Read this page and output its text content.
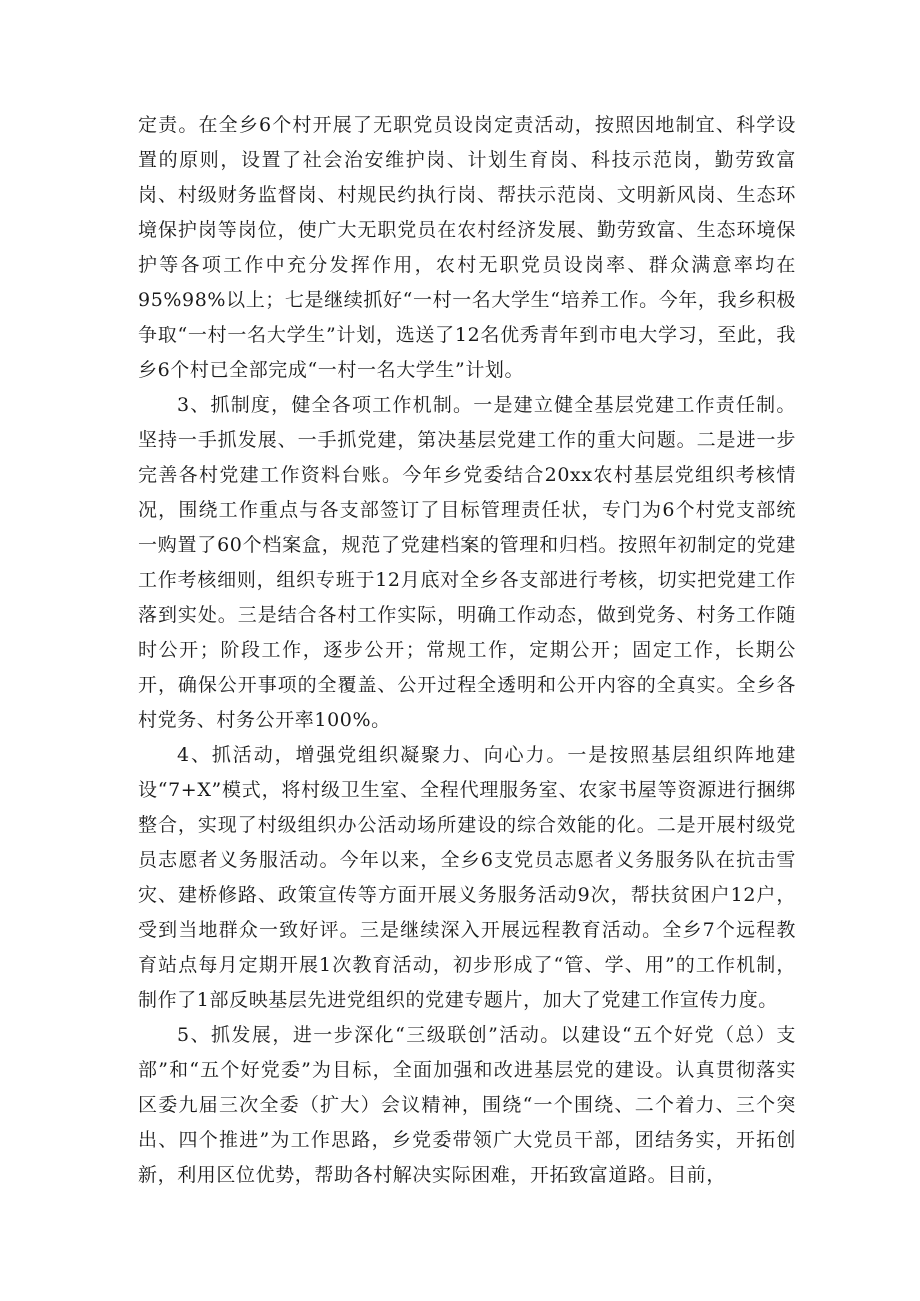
定责。在全乡6个村开展了无职党员设岗定责活动，按照因地制宜、科学设置的原则，设置了社会治安维护岗、计划生育岗、科技示范岗，勤劳致富岗、村级财务监督岗、村规民约执行岗、帮扶示范岗、文明新风岗、生态环境保护岗等岗位，使广大无职党员在农村经济发展、勤劳致富、生态环境保护等各项工作中充分发挥作用，农村无职党员设岗率、群众满意率均在95%98%以上；七是继续抓好“一村一名大学生“培养工作。今年，我乡积极争取“一村一名大学生”计划，选送了12名优秀青年到市电大学习，至此，我乡6个村已全部完成“一村一名大学生”计划。

3、抓制度，健全各项工作机制。一是建立健全基层党建工作责任制。坚持一手抓发展、一手抓党建，第决基层党建工作的重大问题。二是进一步完善各村党建工作资料台账。今年乡党委结合20xx农村基层党组织考核情况，围绕工作重点与各支部签订了目标管理责任状，专门为6个村党支部统一购置了60个档案盒，规范了党建档案的管理和归档。按照年初制定的党建工作考核细则，组织专班于12月底对全乡各支部进行考核，切实把党建工作落到实处。三是结合各村工作实际，明确工作动态，做到党务、村务工作随时公开；阶段工作，逐步公开；常规工作，定期公开；固定工作，长期公开，确保公开事项的全覆盖、公开过程全透明和公开内容的全真实。全乡各村党务、村务公开率100%。

4、抓活动，增强党组织凝聚力、向心力。一是按照基层组织阵地建设“7+X”模式，将村级卫生室、全程代理服务室、农家书屋等资源进行捆绑整合，实现了村级组织办公活动场所建设的综合效能的化。二是开展村级党员志愿者义务服活动。今年以来，全乡6支党员志愿者义务服务队在抗击雪灾、建桥修路、政策宣传等方面开展义务服务活动9次，帮扶贫困户12户，受到当地群众一致好评。三是继续深入开展远程教育活动。全乡7个远程教育站点每月定期开展1次教育活动，初步形成了“管、学、用”的工作机制，制作了1部反映基层先进党组织的党建专题片，加大了党建工作宣传力度。

5、抓发展，进一步深化“三级联创”活动。以建设“五个好党（总）支部”和“五个好党委”为目标，全面加强和改进基层党的建设。认真贯彻落实区委九届三次全委（扩大）会议精神，围绕“一个围绕、二个着力、三个突出、四个推进”为工作思路，乡党委带领广大党员干部，团结务实，开拓创新，利用区位优势，帮助各村解决实际困难，开拓致富道路。目前，
